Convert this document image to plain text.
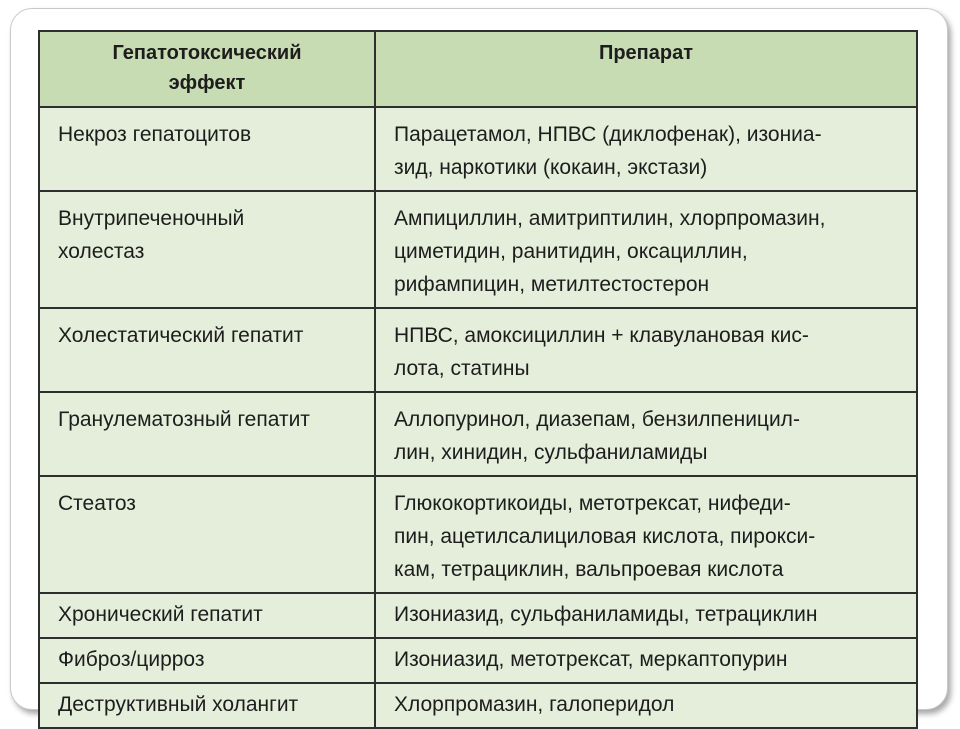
Гепатотоксический
эффект	Препарат

Некроз гепатоцитов	Парацетамол, НПВС (диклофенак), изониа-
зид, наркотики (кокаин, экстази)

Внутрипеченочный
холестаз	Ампициллин, амитриптилин, хлорпромазин,
циметидин, ранитидин, оксациллин,
рифампицин, метилтестостерон

Холестатический гепатит	НПВС, амоксициллин + клавулановая кис-
лота, статины

Гранулематозный гепатит	Аллопуринол, диазепам, бензилпеницил-
лин, хинидин, сульфаниламиды

Стеатоз	Глюкокортикоиды, метотрексат, нифеди-
пин, ацетилсалициловая кислота, пирокси-
кам, тетрациклин, вальпроевая кислота

Хронический гепатит	Изониазид, сульфаниламиды, тетрациклин

Фиброз/цирроз	Изониазид, метотрексат, меркаптопурин

Деструктивный холангит	Хлорпромазин, галоперидол
